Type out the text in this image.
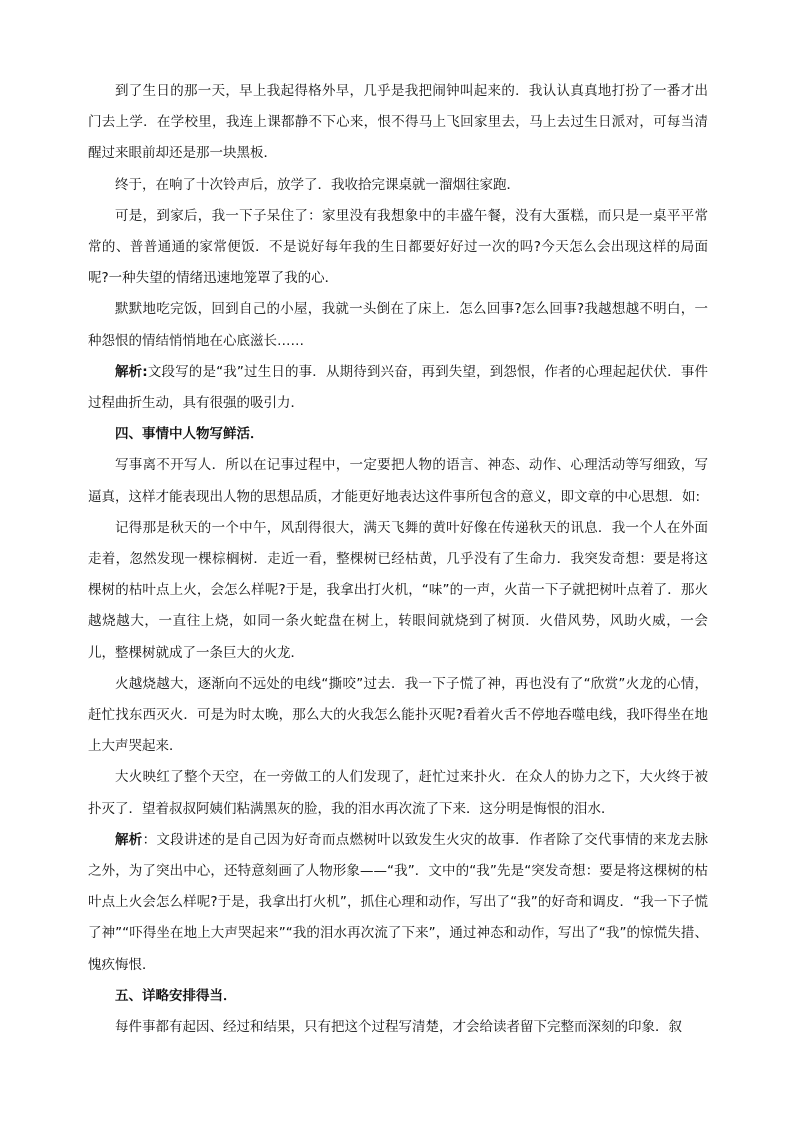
到了生日的那一天，早上我起得格外早，几乎是我把闹钟叫起来的．我认认真真地打扮了一番才出门去上学．在学校里，我连上课都静不下心来，恨不得马上飞回家里去，马上去过生日派对，可每当清醒过来眼前却还是那一块黑板．

终于，在响了十次铃声后，放学了．我收拾完课桌就一溜烟往家跑．

可是，到家后，我一下子呆住了：家里没有我想象中的丰盛午餐，没有大蛋糕，而只是一桌平平常常的、普普通通的家常便饭．不是说好每年我的生日都要好好过一次的吗?今天怎么会出现这样的局面呢?一种失望的情绪迅速地笼罩了我的心．

默默地吃完饭，回到自己的小屋，我就一头倒在了床上．怎么回事?怎么回事?我越想越不明白，一种怨恨的情结悄悄地在心底滋长……

解析:文段写的是“我”过生日的事．从期待到兴奋，再到失望，到怨恨，作者的心理起起伏伏．事件过程曲折生动，具有很强的吸引力．

四、事情中人物写鲜活．

写事离不开写人．所以在记事过程中，一定要把人物的语言、神态、动作、心理活动等写细致，写逼真，这样才能表现出人物的思想品质，才能更好地表达这件事所包含的意义，即文章的中心思想．如:

记得那是秋天的一个中午，风刮得很大，满天飞舞的黄叶好像在传递秋天的讯息．我一个人在外面走着，忽然发现一棵棕榈树．走近一看，整棵树已经枯黄，几乎没有了生命力．我突发奇想：要是将这棵树的枯叶点上火，会怎么样呢?于是，我拿出打火机，“味”的一声，火苗一下子就把树叶点着了．那火越烧越大，一直往上烧，如同一条火蛇盘在树上，转眼间就烧到了树顶．火借风势，风助火威，一会儿，整棵树就成了一条巨大的火龙．

火越烧越大，逐渐向不远处的电线“撕咬”过去．我一下子慌了神，再也没有了“欣赏”火龙的心情，赶忙找东西灭火．可是为时太晚，那么大的火我怎么能扑灭呢?看着火舌不停地吞噬电线，我吓得坐在地上大声哭起来．

大火映红了整个天空，在一旁做工的人们发现了，赶忙过来扑火．在众人的协力之下，大火终于被扑灭了．望着叔叔阿姨们粘满黑灰的脸，我的泪水再次流了下来．这分明是悔恨的泪水．

解析：文段讲述的是自己因为好奇而点燃树叶以致发生火灾的故事．作者除了交代事情的来龙去脉之外，为了突出中心，还特意刻画了人物形象——“我”．文中的“我”先是“突发奇想：要是将这棵树的枯叶点上火会怎么样呢?于是，我拿出打火机”，抓住心理和动作，写出了“我”的好奇和调皮．“我一下子慌了神”“吓得坐在地上大声哭起来”“我的泪水再次流了下来”，通过神态和动作，写出了“我”的惊慌失措、愧疚悔恨．

五、详略安排得当．

每件事都有起因、经过和结果，只有把这个过程写清楚，才会给读者留下完整而深刻的印象．叙
